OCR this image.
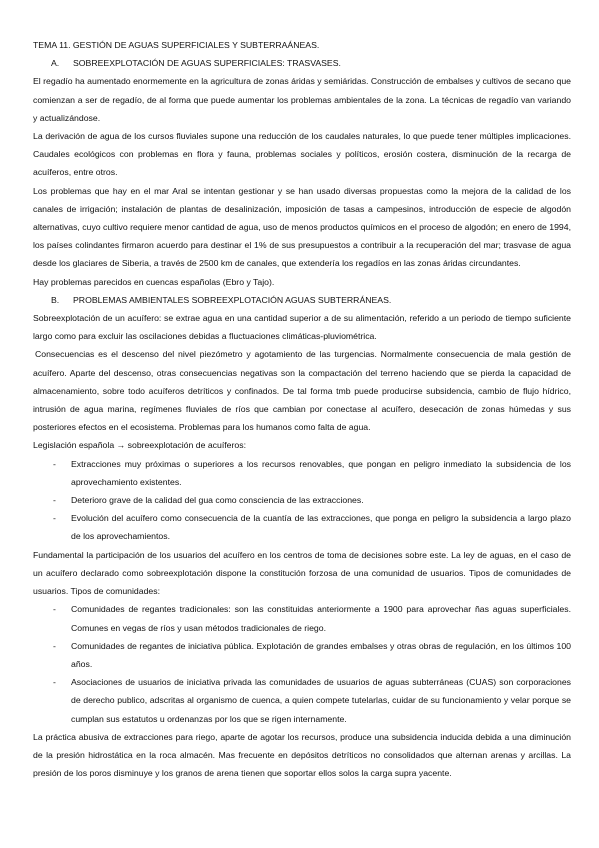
TEMA 11. GESTIÓN DE AGUAS SUPERFICIALES Y SUBTERRAÁNEAS.

A. SOBREEXPLOTACIÓN DE AGUAS SUPERFICIALES: TRASVASES.

El regadío ha aumentado enormemente en la agricultura de zonas áridas y semiáridas. Construcción de embalses y cultivos de secano que comienzan a ser de regadío, de al forma que puede aumentar los problemas ambientales de la zona. La técnicas de regadío van variando y actualizándose.

La derivación de agua de los cursos fluviales supone una reducción de los caudales naturales, lo que puede tener múltiples implicaciones. Caudales ecológicos con problemas en flora y fauna, problemas sociales y políticos, erosión costera, disminución de la recarga de acuíferos, entre otros.

Los problemas que hay en el mar Aral se intentan gestionar y se han usado diversas propuestas como la mejora de la calidad de los canales de irrigación; instalación de plantas de desalinización, imposición de tasas a campesinos, introducción de especie de algodón alternativas, cuyo cultivo requiere menor cantidad de agua, uso de menos productos químicos en el proceso de algodón; en enero de 1994, los países colindantes firmaron acuerdo para destinar el 1% de sus presupuestos a contribuir a la recuperación del mar; trasvase de agua desde los glaciares de Siberia, a través de 2500 km de canales, que extendería los regadíos en las zonas áridas circundantes.

Hay problemas parecidos en cuencas españolas (Ebro y Tajo).

B. PROBLEMAS AMBIENTALES SOBREEXPLOTACIÓN AGUAS SUBTERRÁNEAS.

Sobreexplotación de un acuífero: se extrae agua en una cantidad superior a de su alimentación, referido a un periodo de tiempo suficiente largo como para excluir las oscilaciones debidas a fluctuaciones climáticas-pluviométrica.

Consecuencias es el descenso del nivel piezómetro y agotamiento de las turgencias. Normalmente consecuencia de mala gestión de acuífero. Aparte del descenso, otras consecuencias negativas son la compactación del terreno haciendo que se pierda la capacidad de almacenamiento, sobre todo acuíferos detríticos y confinados. De tal forma tmb puede producirse subsidencia, cambio de flujo hídrico, intrusión de agua marina, regímenes fluviales de ríos que cambian por conectase al acuífero, desecación de zonas húmedas y sus posteriores efectos en el ecosistema. Problemas para los humanos como falta de agua.

Legislación española → sobreexplotación de acuíferos:

- Extracciones muy próximas o superiores a los recursos renovables, que pongan en peligro inmediato la subsidencia de los aprovechamiento existentes.
- Deterioro grave de la calidad del gua como consciencia de las extracciones.
- Evolución del acuífero como consecuencia de la cuantía de las extracciones, que ponga en peligro la subsidencia a largo plazo de los aprovechamientos.

Fundamental la participación de los usuarios del acuífero en los centros de toma de decisiones sobre este. La ley de aguas, en el caso de un acuífero declarado como sobreexplotación dispone la constitución forzosa de una comunidad de usuarios. Tipos de comunidades de usuarios. Tipos de comunidades:

- Comunidades de regantes tradicionales: son las constituidas anteriormente a 1900 para aprovechar ñas aguas superficiales. Comunes en vegas de ríos y usan métodos tradicionales de riego.
- Comunidades de regantes de iniciativa pública. Explotación de grandes embalses y otras obras de regulación, en los últimos 100 años.
- Asociaciones de usuarios de iniciativa privada las comunidades de usuarios de aguas subterráneas (CUAS) son corporaciones de derecho publico, adscritas al organismo de cuenca, a quien compete tutelarlas, cuidar de su funcionamiento y velar porque se cumplan sus estatutos u ordenanzas por los que se rigen internamente.

La práctica abusiva de extracciones para riego, aparte de agotar los recursos, produce una subsidencia inducida debida a una diminución de la presión hidrostática en la roca almacén. Mas frecuente en depósitos detríticos no consolidados que alternan arenas y arcillas. La presión de los poros disminuye y los granos de arena tienen que soportar ellos solos la carga supra yacente.
